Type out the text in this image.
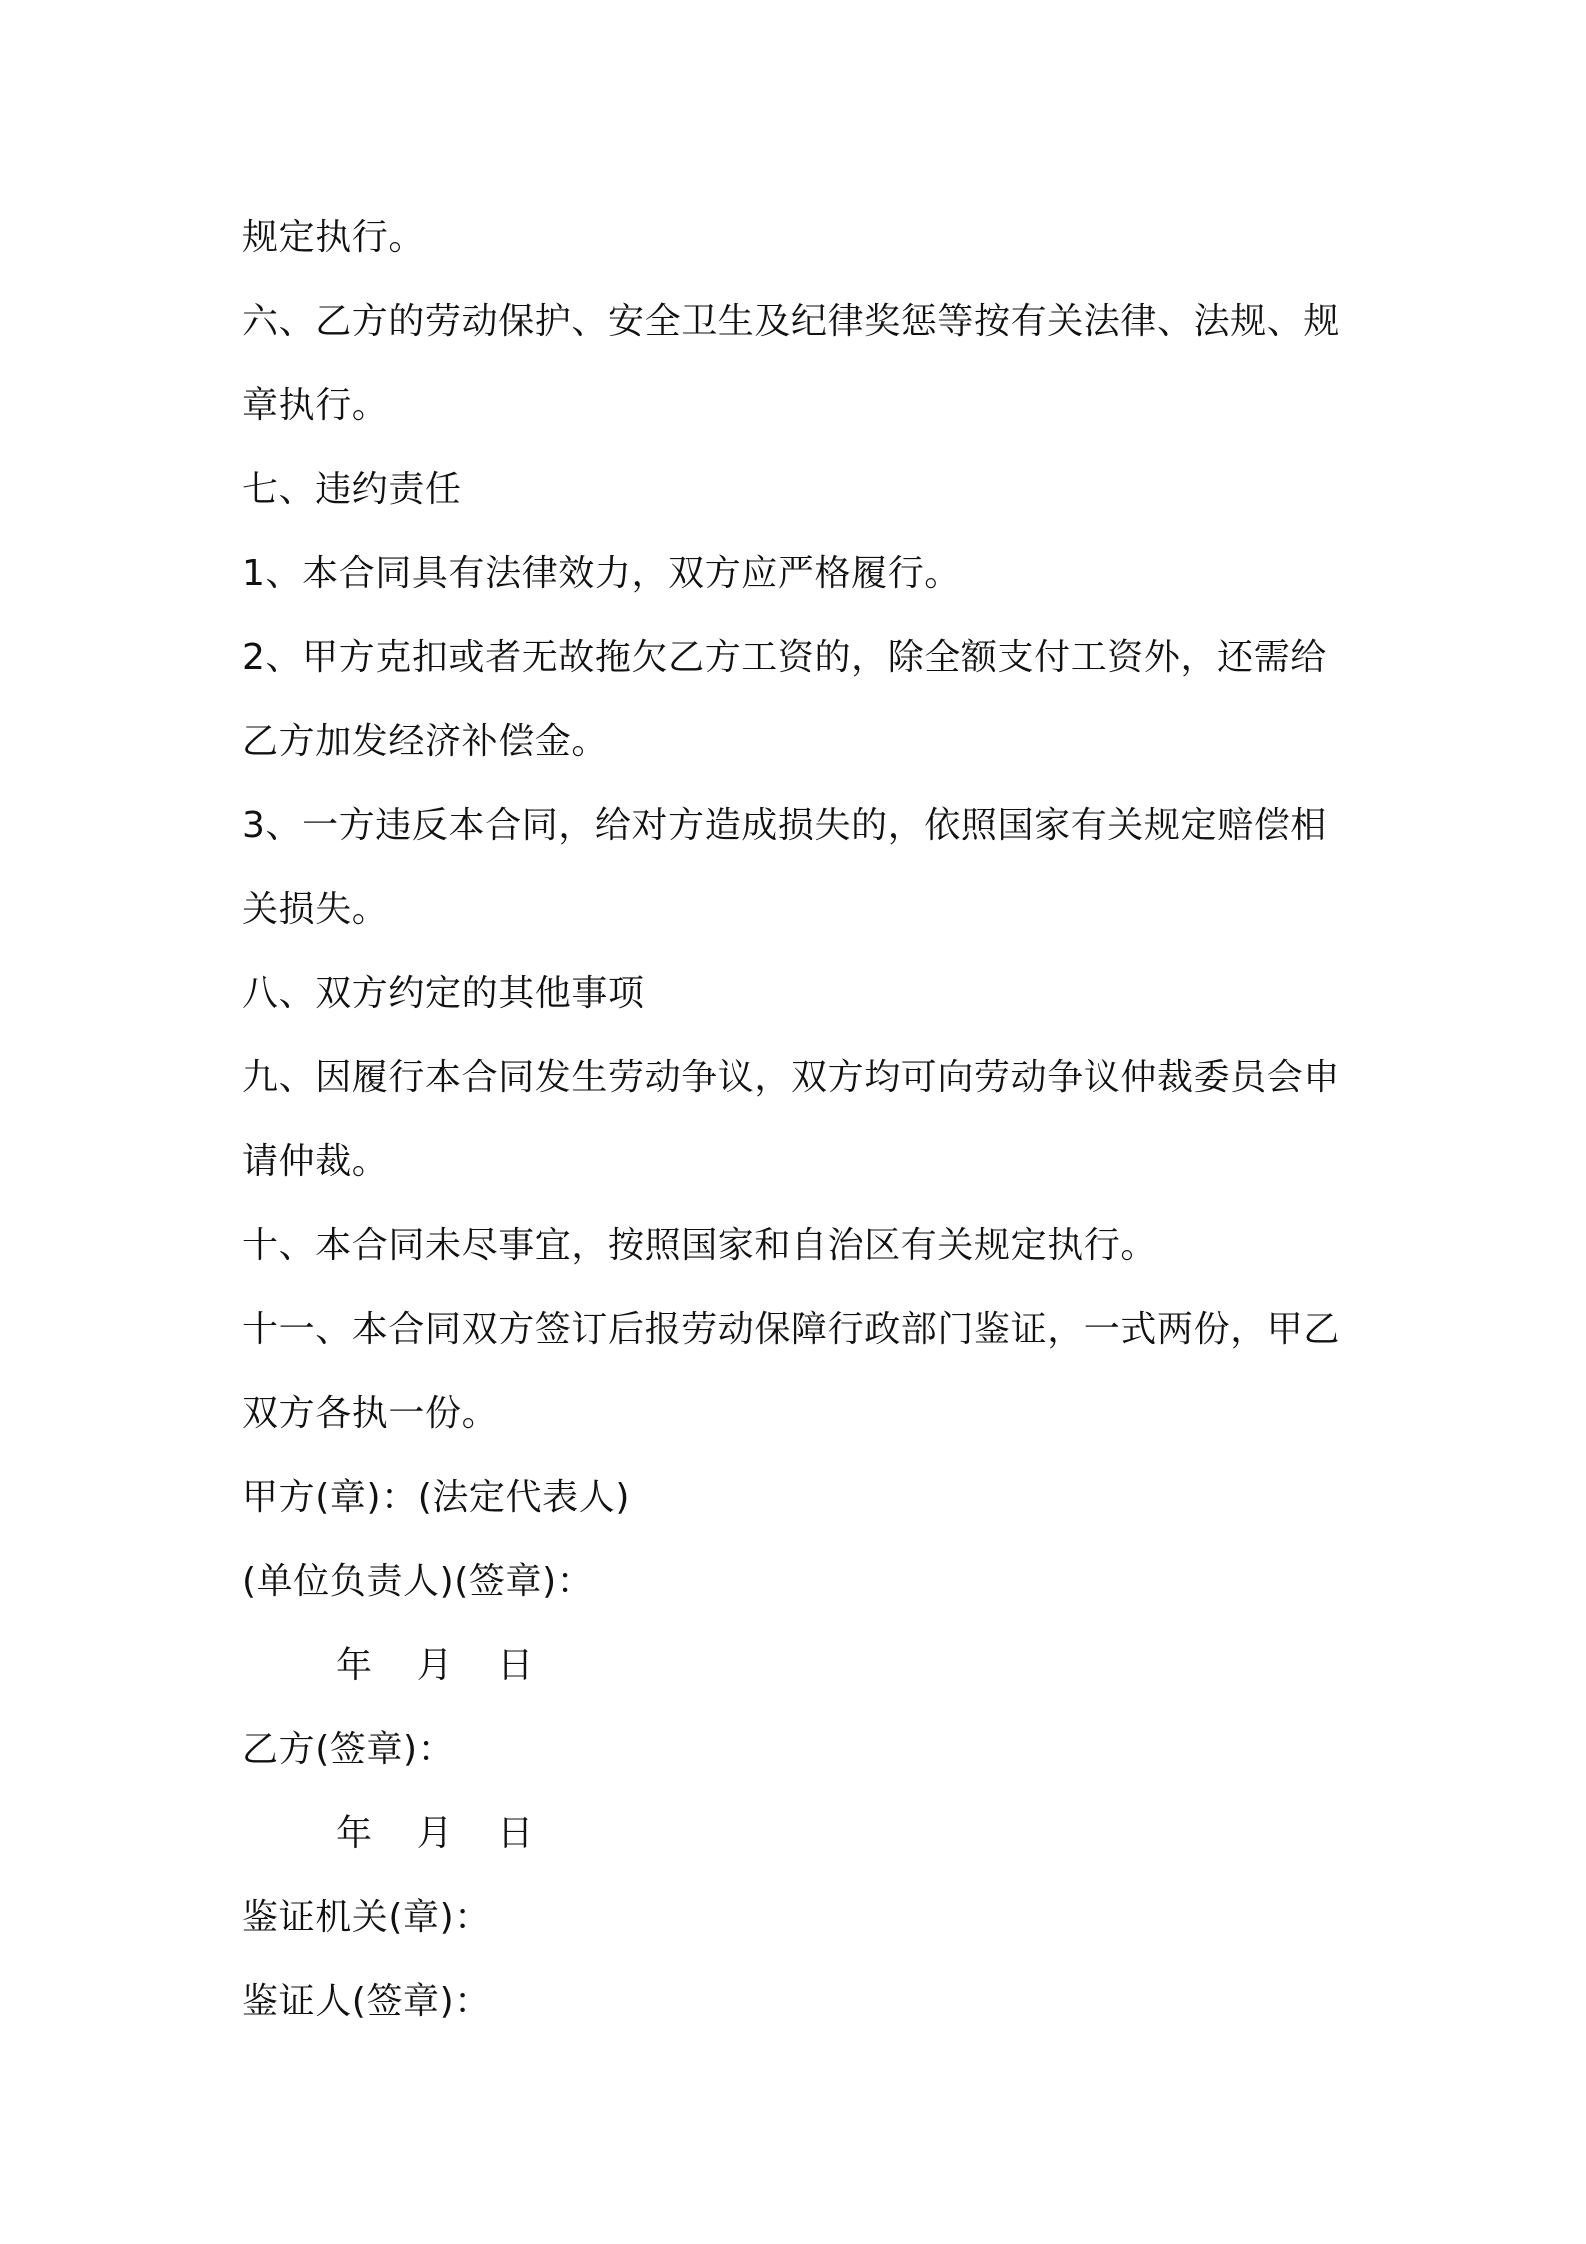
规定执行。
六、乙方的劳动保护、安全卫生及纪律奖惩等按有关法律、法规、规
章执行。
七、违约责任
1、本合同具有法律效力，双方应严格履行。
2、甲方克扣或者无故拖欠乙方工资的，除全额支付工资外，还需给
乙方加发经济补偿金。
3、一方违反本合同，给对方造成损失的，依照国家有关规定赔偿相
关损失。
八、双方约定的其他事项
九、因履行本合同发生劳动争议，双方均可向劳动争议仲裁委员会申
请仲裁。
十、本合同未尽事宜，按照国家和自治区有关规定执行。
十一、本合同双方签订后报劳动保障行政部门鉴证，一式两份，甲乙
双方各执一份。
甲方(章)：(法定代表人)
(单位负责人)(签章)：
年 月 日
乙方(签章)：
年 月 日
鉴证机关(章)：
鉴证人(签章)：
